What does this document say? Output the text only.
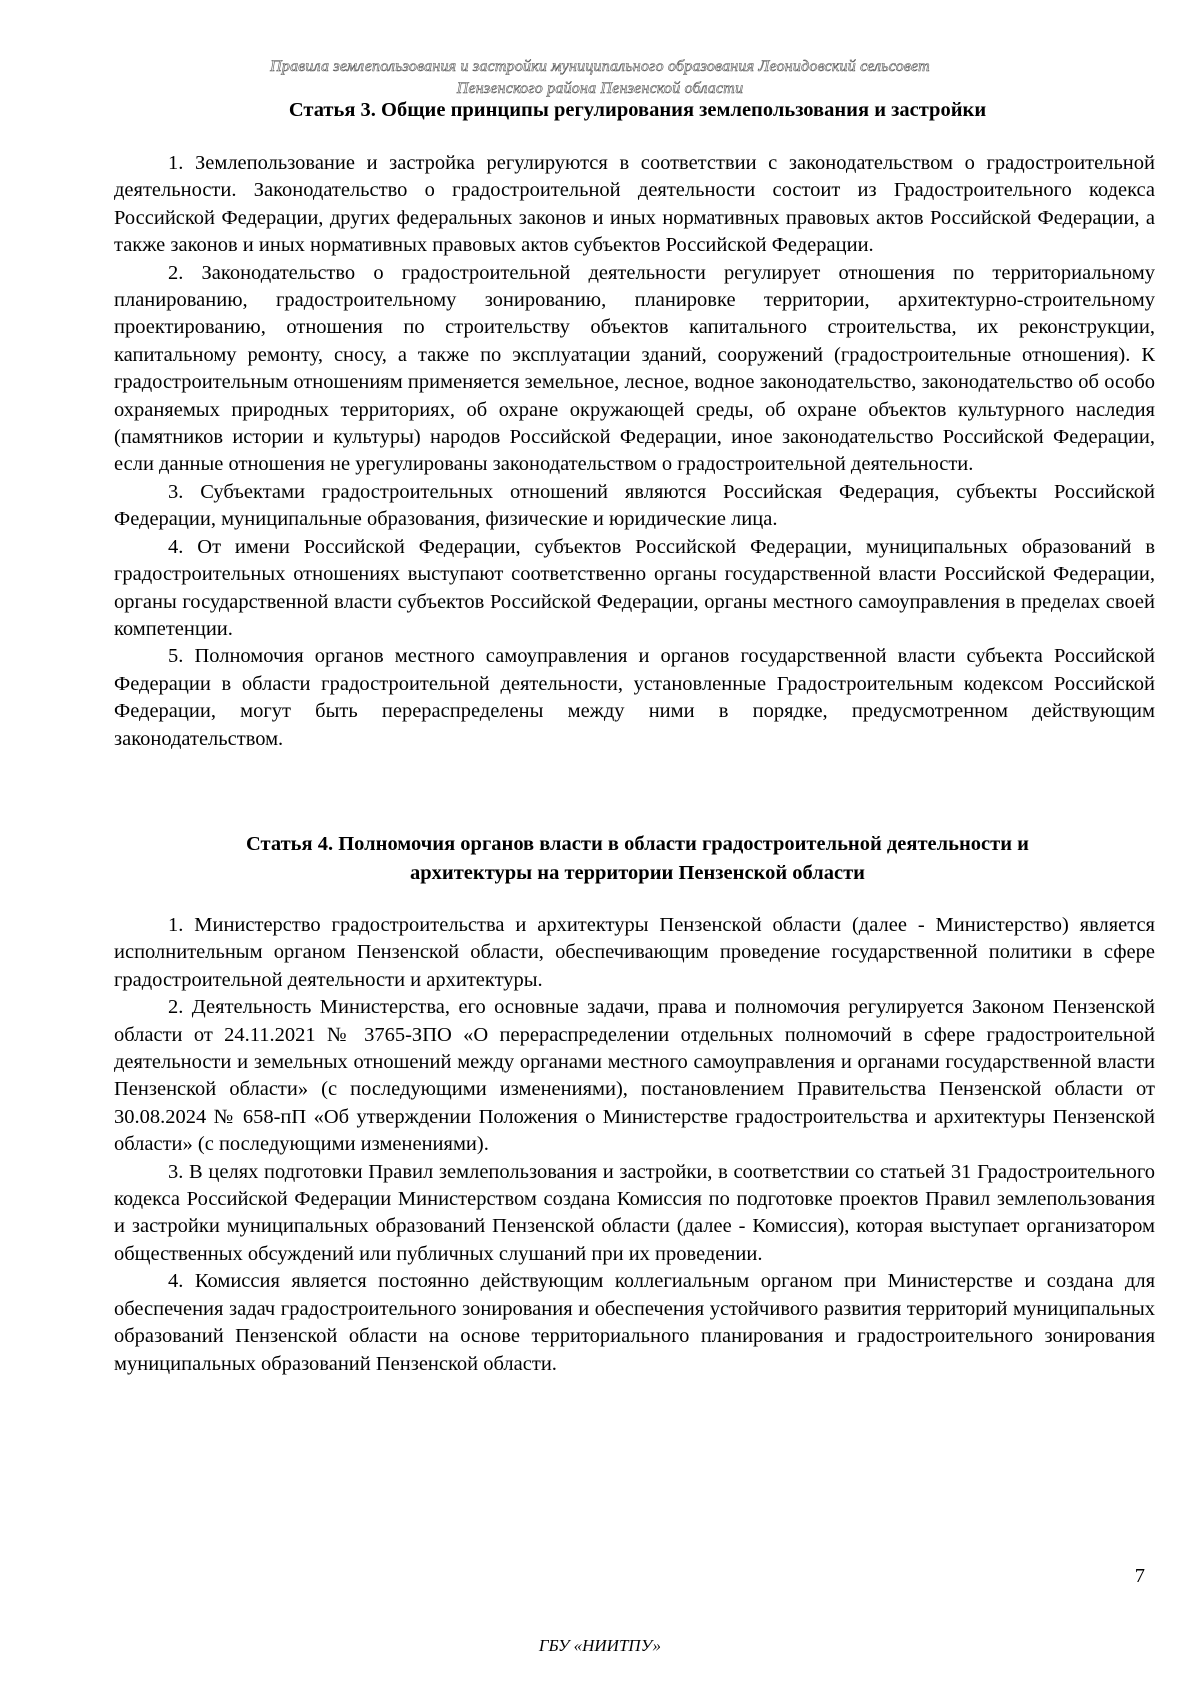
Правила землепользования и застройки муниципального образования Леонидовский сельсовет
Пензенского района Пензенской области
Статья 3. Общие принципы регулирования землепользования и застройки

1. Землепользование и застройка регулируются в соответствии с законодательством о градостроительной деятельности. Законодательство о градостроительной деятельности состоит из Градостроительного кодекса Российской Федерации, других федеральных законов и иных нормативных правовых актов Российской Федерации, а также законов и иных нормативных правовых актов субъектов Российской Федерации.

2. Законодательство о градостроительной деятельности регулирует отношения по территориальному планированию, градостроительному зонированию, планировке территории, архитектурно-строительному проектированию, отношения по строительству объектов капитального строительства, их реконструкции, капитальному ремонту, сносу, а также по эксплуатации зданий, сооружений (градостроительные отношения). К градостроительным отношениям применяется земельное, лесное, водное законодательство, законодательство об особо охраняемых природных территориях, об охране окружающей среды, об охране объектов культурного наследия (памятников истории и культуры) народов Российской Федерации, иное законодательство Российской Федерации, если данные отношения не урегулированы законодательством о градостроительной деятельности.

3. Субъектами градостроительных отношений являются Российская Федерация, субъекты Российской Федерации, муниципальные образования, физические и юридические лица.

4. От имени Российской Федерации, субъектов Российской Федерации, муниципальных образований в градостроительных отношениях выступают соответственно органы государственной власти Российской Федерации, органы государственной власти субъектов Российской Федерации, органы местного самоуправления в пределах своей компетенции.

5. Полномочия органов местного самоуправления и органов государственной власти субъекта Российской Федерации в области градостроительной деятельности, установленные Градостроительным кодексом Российской Федерации, могут быть перераспределены между ними в порядке, предусмотренном действующим законодательством.

Статья 4. Полномочия органов власти в области градостроительной деятельности и
архитектуры на территории Пензенской области

1. Министерство градостроительства и архитектуры Пензенской области (далее - Министерство) является исполнительным органом Пензенской области, обеспечивающим проведение государственной политики в сфере градостроительной деятельности и архитектуры.

2. Деятельность Министерства, его основные задачи, права и полномочия регулируется Законом Пензенской области от 24.11.2021 № 3765-ЗПО «О перераспределении отдельных полномочий в сфере градостроительной деятельности и земельных отношений между органами местного самоуправления и органами государственной власти Пензенской области» (с последующими изменениями), постановлением Правительства Пензенской области от 30.08.2024 № 658-пП «Об утверждении Положения о Министерстве градостроительства и архитектуры Пензенской области» (с последующими изменениями).

3. В целях подготовки Правил землепользования и застройки, в соответствии со статьей 31 Градостроительного кодекса Российской Федерации Министерством создана Комиссия по подготовке проектов Правил землепользования и застройки муниципальных образований Пензенской области (далее - Комиссия), которая выступает организатором общественных обсуждений или публичных слушаний при их проведении.

4. Комиссия является постоянно действующим коллегиальным органом при Министерстве и создана для обеспечения задач градостроительного зонирования и обеспечения устойчивого развития территорий муниципальных образований Пензенской области на основе территориального планирования и градостроительного зонирования муниципальных образований Пензенской области.

7
ГБУ «НИИТПУ»
